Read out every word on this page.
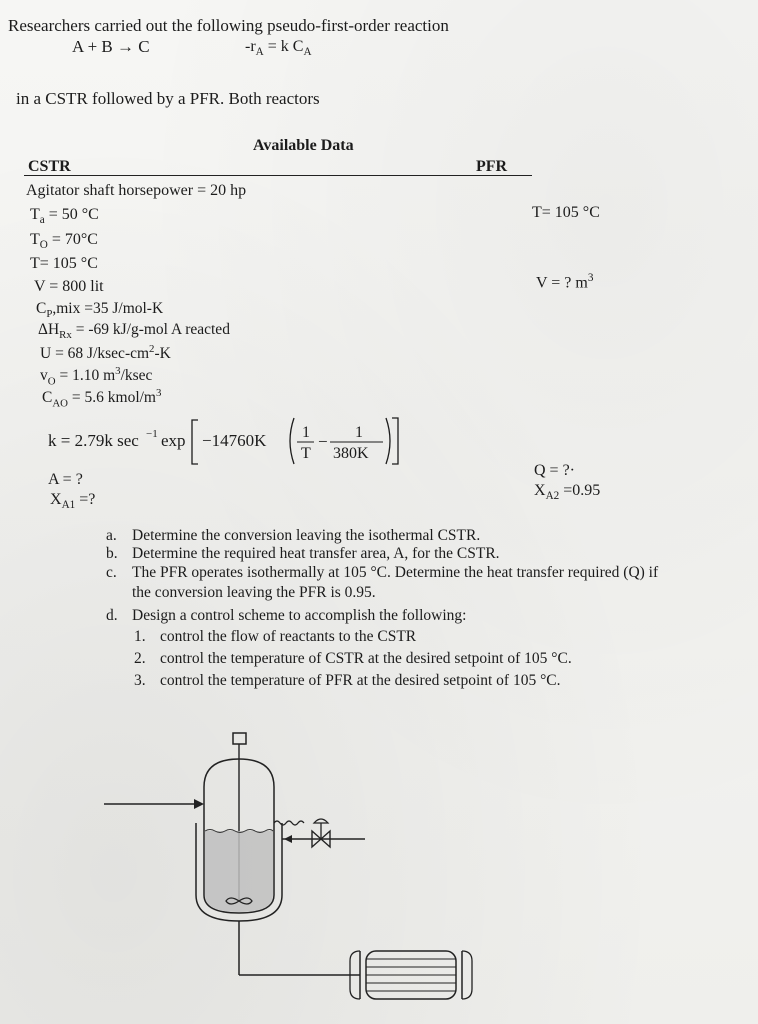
Researchers carried out the following pseudo-first-order reaction
A + B → C	$-r_A = k$ $C_A$
in a CSTR followed by a PFR. Both reactors
Available Data
CSTR	PFR
Agitator shaft horsepower = 20 hp
$T_a = 50$ °C
$T_O = 70^\circ C$
T= 105 °C
V = 800 lit
$C_P,mix =35$ J/mol-K
$\Delta H_{Rx} = -69$ kJ/g-mol A reacted
U = 68 $J/ksec-cm^2-K$
$v_O = 1.10$ $m^3$/ksec
$C_{AO} = 5.6$ kmol/$m^3$
k = 2.79k sec −1 exp −14760K 1
T
− 1
380K
A = ?
$X_{A1}$ =?
T= 105 °C
V = ? $m^3$
Q = ?·
$X_{A2} =0.95$
a. Determine the conversion leaving the isothermal CSTR.
b. Determine the required heat transfer area, A, for the CSTR.
c. The PFR operates isothermally at 105 °C. Determine the heat transfer required (Q) if
the conversion leaving the PFR is 0.95.
d. Design a control scheme to accomplish the following:
1. control the flow of reactants to the CSTR
2. control the temperature of CSTR at the desired setpoint of 105 °C.
3. control the temperature of PFR at the desired setpoint of 105 °C.
